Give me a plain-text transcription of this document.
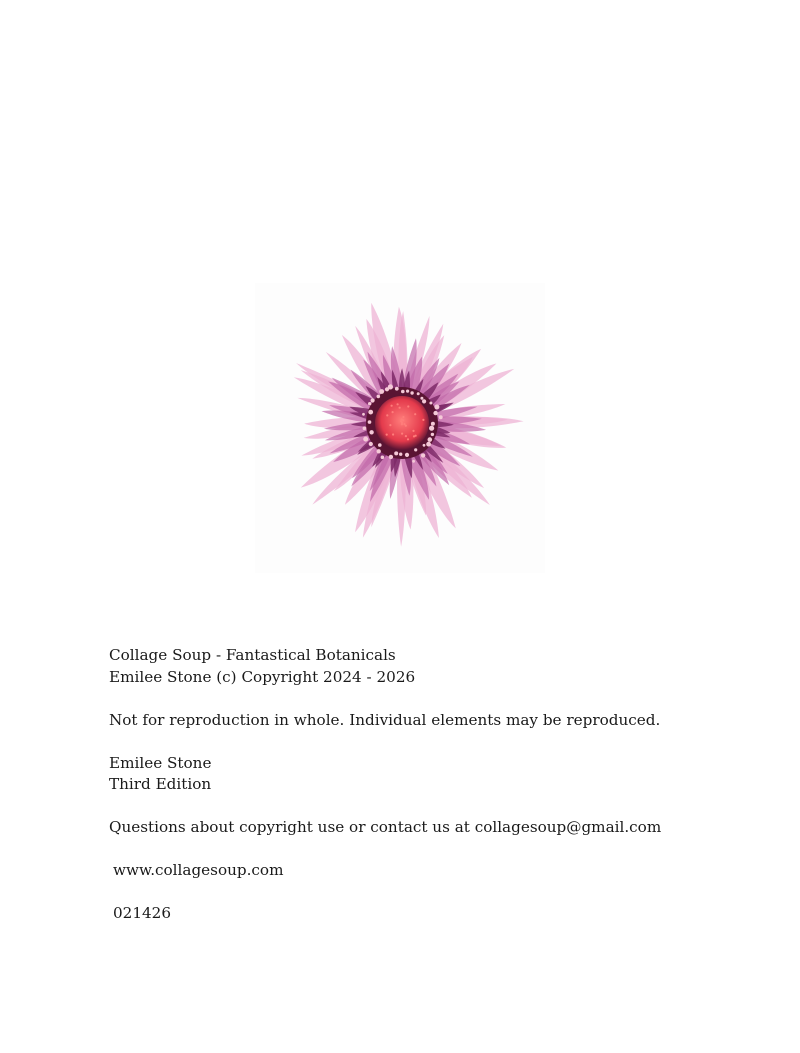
Collage Soup - Fantastical Botanicals
Emilee Stone (c) Copyright 2024 - 2026
Not for reproduction in whole. Individual elements may be reproduced.
Emilee Stone
Third Edition
Questions about copyright use or contact us at collagesoup@gmail.com
www.collagesoup.com
021426
